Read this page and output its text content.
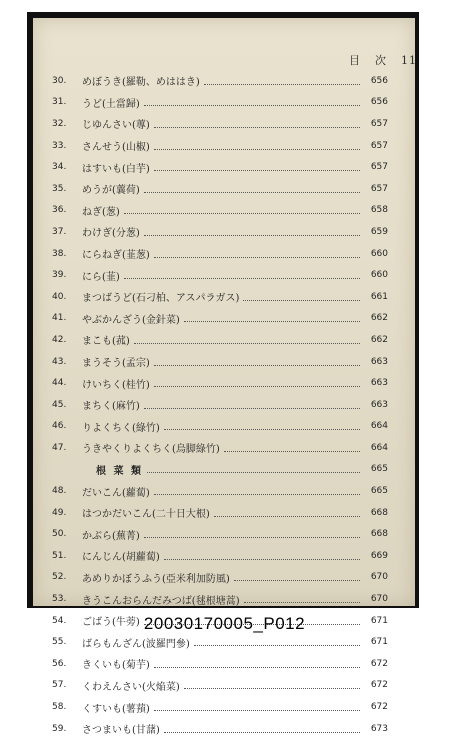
目 次 11
30.	めぼうき(羅勒、めははき)	656
31.	うど(土當歸)	656
32.	じゆんさい(蓴)	657
33.	さんせう(山椒)	657
34.	はすいも(白芋)	657
35.	めうが(蘘荷)	657
36.	ねぎ(葱)	658
37.	わけぎ(分葱)	659
38.	にらねぎ(韮葱)	660
39.	にら(韮)	660
40.	まつばうど(石刁柏、アスパラガス)	661
41.	やぶかんざう(金針菜)	662
42.	まこも(菰)	662
43.	まうそう(孟宗)	663
44.	けいちく(桂竹)	663
45.	まちく(麻竹)	663
46.	りよくちく(綠竹)	664
47.	うきやくりよくちく(烏脚綠竹)	664
根 菜 類	665
48.	だいこん(蘿蔔)	665
49.	はつかだいこん(二十日大根)	668
50.	かぶら(蕪菁)	668
51.	にんじん(胡蘿蔔)	669
52.	あめりかぼうふう(亞米利加防風)	670
53.	きうこんおらんだみつば(毬根塘蒿)	670
54.	ごばう(牛蒡)	671
55.	ばらもんざん(波羅門參)	671
56.	きくいも(菊芋)	672
57.	くわえんさい(火焔菜)	672
58.	くすいも(薯蕷)	672
59.	さつまいも(甘藷)	673
20030170005_P012
